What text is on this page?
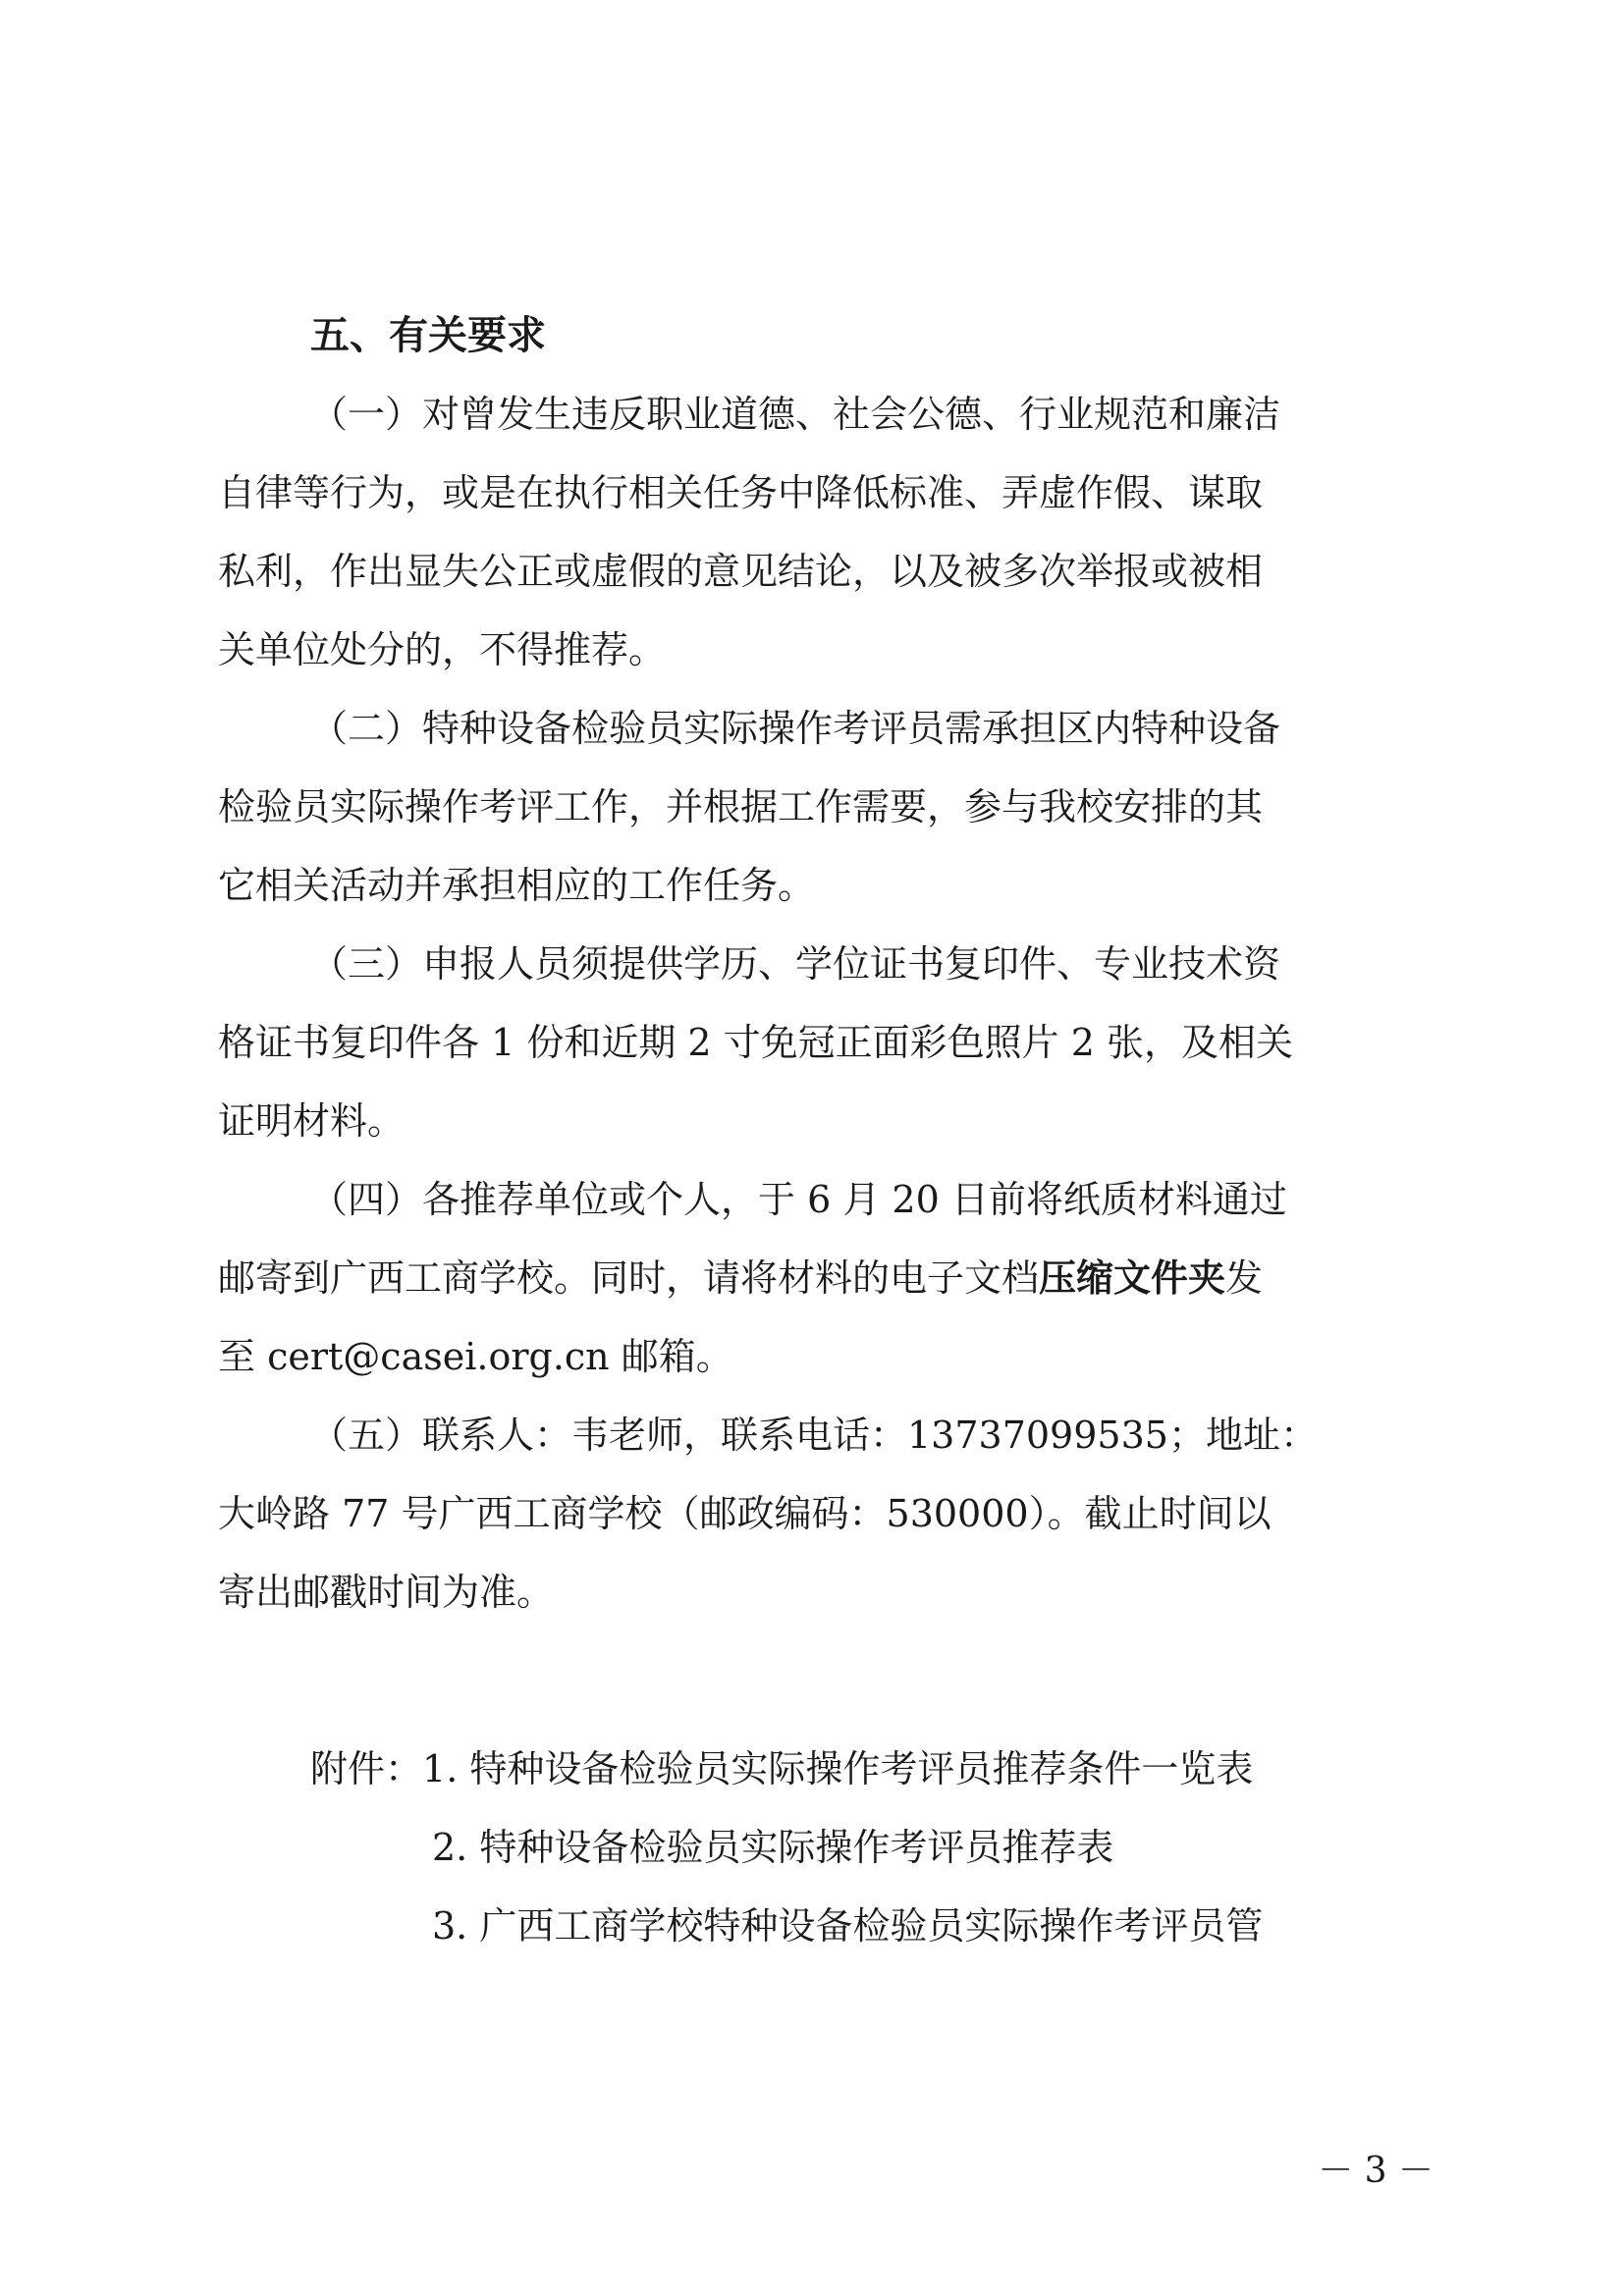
五、有关要求
（一）对曾发生违反职业道德、社会公德、行业规范和廉洁
自律等行为，或是在执行相关任务中降低标准、弄虚作假、谋取
私利，作出显失公正或虚假的意见结论，以及被多次举报或被相
关单位处分的，不得推荐。
（二）特种设备检验员实际操作考评员需承担区内特种设备
检验员实际操作考评工作，并根据工作需要，参与我校安排的其
它相关活动并承担相应的工作任务。
（三）申报人员须提供学历、学位证书复印件、专业技术资
格证书复印件各 1 份和近期 2 寸免冠正面彩色照片 2 张，及相关
证明材料。
（四）各推荐单位或个人，于 6 月 20 日前将纸质材料通过
邮寄到广西工商学校。同时，请将材料的电子文档压缩文件夹发
至 cert@casei.org.cn 邮箱。
（五）联系人：韦老师，联系电话：13737099535；地址：
大岭路 77 号广西工商学校（邮政编码：530000）。截止时间以
寄出邮戳时间为准。
附件：1. 特种设备检验员实际操作考评员推荐条件一览表
2. 特种设备检验员实际操作考评员推荐表
3. 广西工商学校特种设备检验员实际操作考评员管
－ 3 －
